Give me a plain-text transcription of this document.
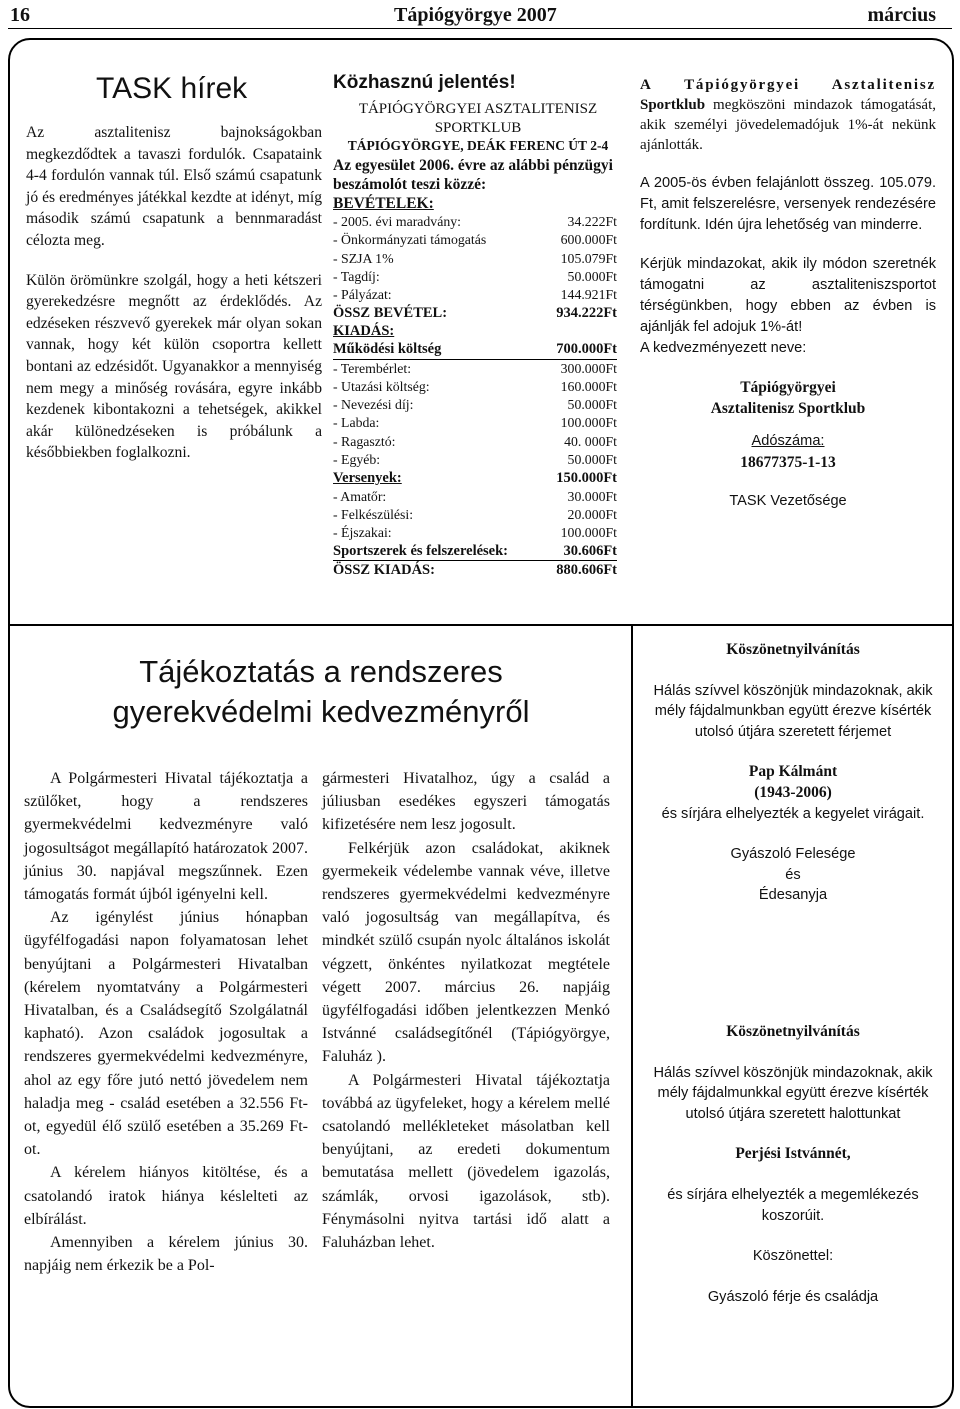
16	Tápiógyörgye 2007	március
TASK hírek

Az asztalitenisz bajnokságokban megkezdődtek a tavaszi fordulók. Csapataink 4-4 fordulón vannak túl. Első számú csapatunk jó és eredményes játékkal kezdte at idényt, míg második számú csapatunk a bennmaradást célozta meg.

Külön örömünkre szolgál, hogy a heti kétszeri gyerekedzésre megnőtt az érdeklődés. Az edzéseken részvevő gyerekek már olyan sokan vannak, hogy két külön csoportra kellett bontani az edzésidőt. Ugyanakkor a mennyiség nem megy a minőség rovására, egyre inkább kezdenek kibontakozni a tehetségek, akikkel akár különedzéseken is próbálunk a későbbiekben foglalkozni.

Közhasznú jelentés!
TÁPIÓGYÖRGYEI ASZTALITENISZ
SPORTKLUB
TÁPIÓGYÖRGYE, DEÁK FERENC ÚT 2-4
Az egyesület 2006. évre az alábbi pénzügyi beszámolót teszi közzé:
BEVÉTELEK:
- 2005. évi maradvány:	34.222Ft
- Önkormányzati támogatás	600.000Ft
- SZJA 1%	105.079Ft
- Tagdíj:	50.000Ft
- Pályázat:	144.921Ft
ÖSSZ BEVÉTEL:	934.222Ft
KIADÁS:	
Működési költség	700.000Ft
- Terembérlet:	300.000Ft
- Utazási költség:	160.000Ft
- Nevezési díj:	50.000Ft
- Labda:	100.000Ft
- Ragasztó:	40. 000Ft
- Egyéb:	50.000Ft
Versenyek:	150.000Ft
- Amatőr:	30.000Ft
- Felkészülési:	20.000Ft
- Éjszakai:	100.000Ft
Sportszerek és felszerelések:	30.606Ft
ÖSSZ KIADÁS:	880.606Ft

A Tápiógyörgyei Asztalitenisz Sportklub megköszöni mindazok támogatását, akik személyi jövedelemadójuk 1%-át nekünk ajánlották.

A 2005-ös évben felajánlott összeg. 105.079. Ft, amit felszerelésre, versenyek rendezésére fordítunk. Idén újra lehetőség van minderre.

Kérjük mindazokat, akik ily módon szeretnék támogatni az asztaliteniszsportot térségünkben, hogy ebben az évben is ajánlják fel adojuk 1%-át!

A kedvezményezett neve:

Tápiógyörgyei

Asztalitenisz Sportklub

Adószáma:

18677375-1-13

TASK Vezetősége

Tájékoztatás a rendszeres
gyerekvédelmi kedvezményről

A Polgármesteri Hivatal tájékoztatja a szülőket, hogy a rendszeres gyermekvédelmi kedvezményre való jogosultságot megállapító határozatok 2007. június 30. napjával megszűnnek. Ezen támogatás formát újból igényelni kell.

Az igénylést június hónapban ügyfélfogadási napon folyamatosan lehet benyújtani a Polgármesteri Hivatalban (kérelem nyomtatvány a Polgármesteri Hivatalban, és a Családsegítő Szolgálatnál kapható). Azon családok jogosultak a rendszeres gyermekvédelmi kedvezményre, ahol az egy főre jutó nettó jövedelem nem haladja meg - család esetében a 32.556 Ft-ot, egyedül élő szülő esetében a 35.269 Ft-ot.

A kérelem hiányos kitöltése, és a csatolandó iratok hiánya késlelteti az elbírálást.

Amennyiben a kérelem június 30. napjáig nem érkezik be a Pol-

gármesteri Hivatalhoz, úgy a család a júliusban esedékes egyszeri támogatás kifizetésére nem lesz jogosult.

Felkérjük azon családokat, akiknek gyermekeik védelembe vannak véve, illetve rendszeres gyermekvédelmi kedvezményre való jogosultság van megállapítva, és mindkét szülő csupán nyolc általános iskolát végzett, önkéntes nyilatkozat megtétele végett 2007. március 26. napjáig ügyfélfogadási időben jelentkezzen Menkó Istvánné családsegítőnél (Tápiógyörgye, Faluház ).

A Polgármesteri Hivatal tájékoztatja továbbá az ügyfeleket, hogy a kérelem mellé csatolandó mellékleteket másolatban kell benyújtani, az eredeti dokumentum bemutatása mellett (jövedelem igazolás, számlák, orvosi igazolások, stb). Fénymásolni nyitva tartási idő alatt a Faluházban lehet.

Köszönetnyilvánítás
Hálás szívvel köszönjük mindazoknak, akik mély fájdalmunkban együtt érezve kísérték utolsó útjára szeretett férjemet
Pap Kálmánt
(1943-2006)
és sírjára elhelyezték a kegyelet virágait.
Gyászoló Felesége
és
Édesanyja
Köszönetnyilvánítás
Hálás szívvel köszönjük mindazoknak, akik mély fájdalmunkkal együtt érezve kísérték utolsó útjára szeretett halottunkat
Perjési Istvánnét,
és sírjára elhelyezték a megemlékezés koszorúit.
Köszönettel:
Gyászoló férje és családja
